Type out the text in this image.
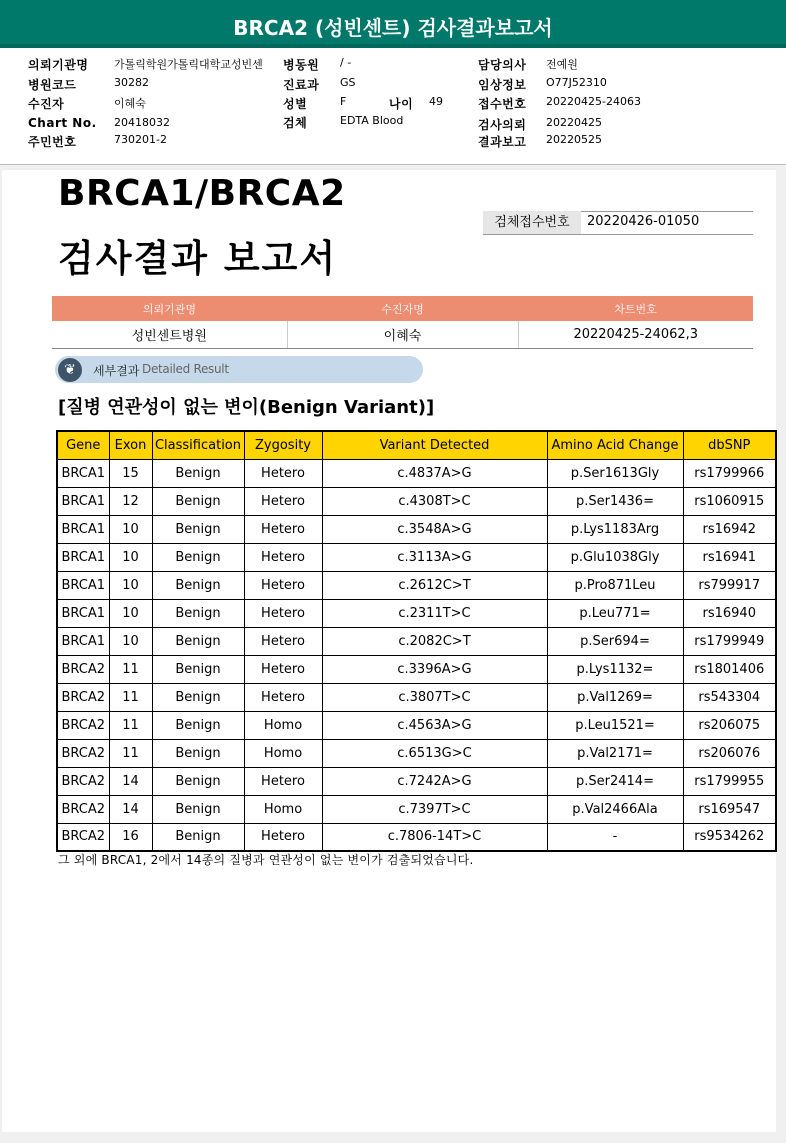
BRCA2 (성빈센트) 검사결과보고서
의뢰기관명 가톨릭학원가톨릭대학교성빈센	병동원 / -	담당의사 전예원
병원코드	30282	진료과 GS	임상정보 O77J52310
수진자	이혜숙	성별	F	나이 49	접수번호 20220425-24063
Chart No. 20418032	검체	EDTA Blood	검사의뢰 20220425
주민번호	730201-2	결과보고 20220525
BRCA1/BRCA2
검사결과 보고서
검체접수번호	20220426-01050
의뢰기관명	수진자명	차트번호
성빈센트병원	이혜숙	20220425-24062,3
❦	세부결과 Detailed Result
[질병 연관성이 없는 변이(Benign Variant)]
Gene	Exon	Classification	Zygosity	Variant Detected	Amino Acid Change	dbSNP
BRCA1	15	Benign	Hetero	c.4837A>G	p.Ser1613Gly	rs1799966
BRCA1	12	Benign	Hetero	c.4308T>C	p.Ser1436=	rs1060915
BRCA1	10	Benign	Hetero	c.3548A>G	p.Lys1183Arg	rs16942
BRCA1	10	Benign	Hetero	c.3113A>G	p.Glu1038Gly	rs16941
BRCA1	10	Benign	Hetero	c.2612C>T	p.Pro871Leu	rs799917
BRCA1	10	Benign	Hetero	c.2311T>C	p.Leu771=	rs16940
BRCA1	10	Benign	Hetero	c.2082C>T	p.Ser694=	rs1799949
BRCA2	11	Benign	Hetero	c.3396A>G	p.Lys1132=	rs1801406
BRCA2	11	Benign	Hetero	c.3807T>C	p.Val1269=	rs543304
BRCA2	11	Benign	Homo	c.4563A>G	p.Leu1521=	rs206075
BRCA2	11	Benign	Homo	c.6513G>C	p.Val2171=	rs206076
BRCA2	14	Benign	Hetero	c.7242A>G	p.Ser2414=	rs1799955
BRCA2	14	Benign	Homo	c.7397T>C	p.Val2466Ala	rs169547
BRCA2	16	Benign	Hetero	c.7806-14T>C	-	rs9534262
그 외에 BRCA1, 2에서 14종의 질병과 연관성이 없는 변이가 검출되었습니다.
